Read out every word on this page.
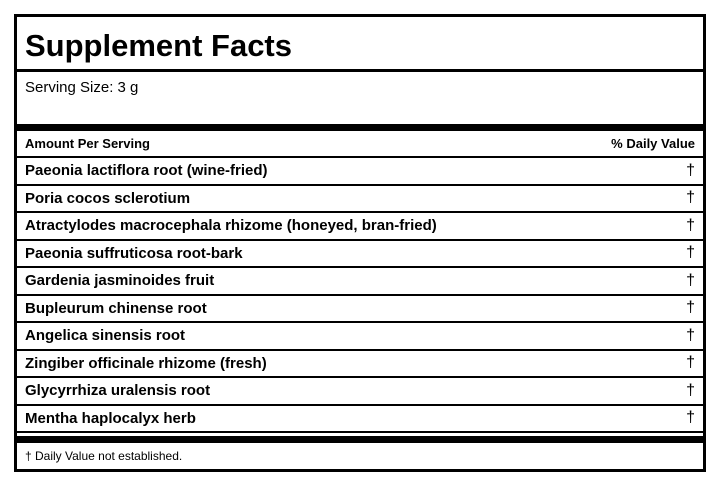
Supplement Facts
Serving Size: 3 g
Amount Per Serving	% Daily Value
Paeonia lactiflora root (wine-fried)	†
Poria cocos sclerotium	†
Atractylodes macrocephala rhizome (honeyed, bran-fried)	†
Paeonia suffruticosa root-bark	†
Gardenia jasminoides fruit	†
Bupleurum chinense root	†
Angelica sinensis root	†
Zingiber officinale rhizome (fresh)	†
Glycyrrhiza uralensis root	†
Mentha haplocalyx herb	†
† Daily Value not established.
